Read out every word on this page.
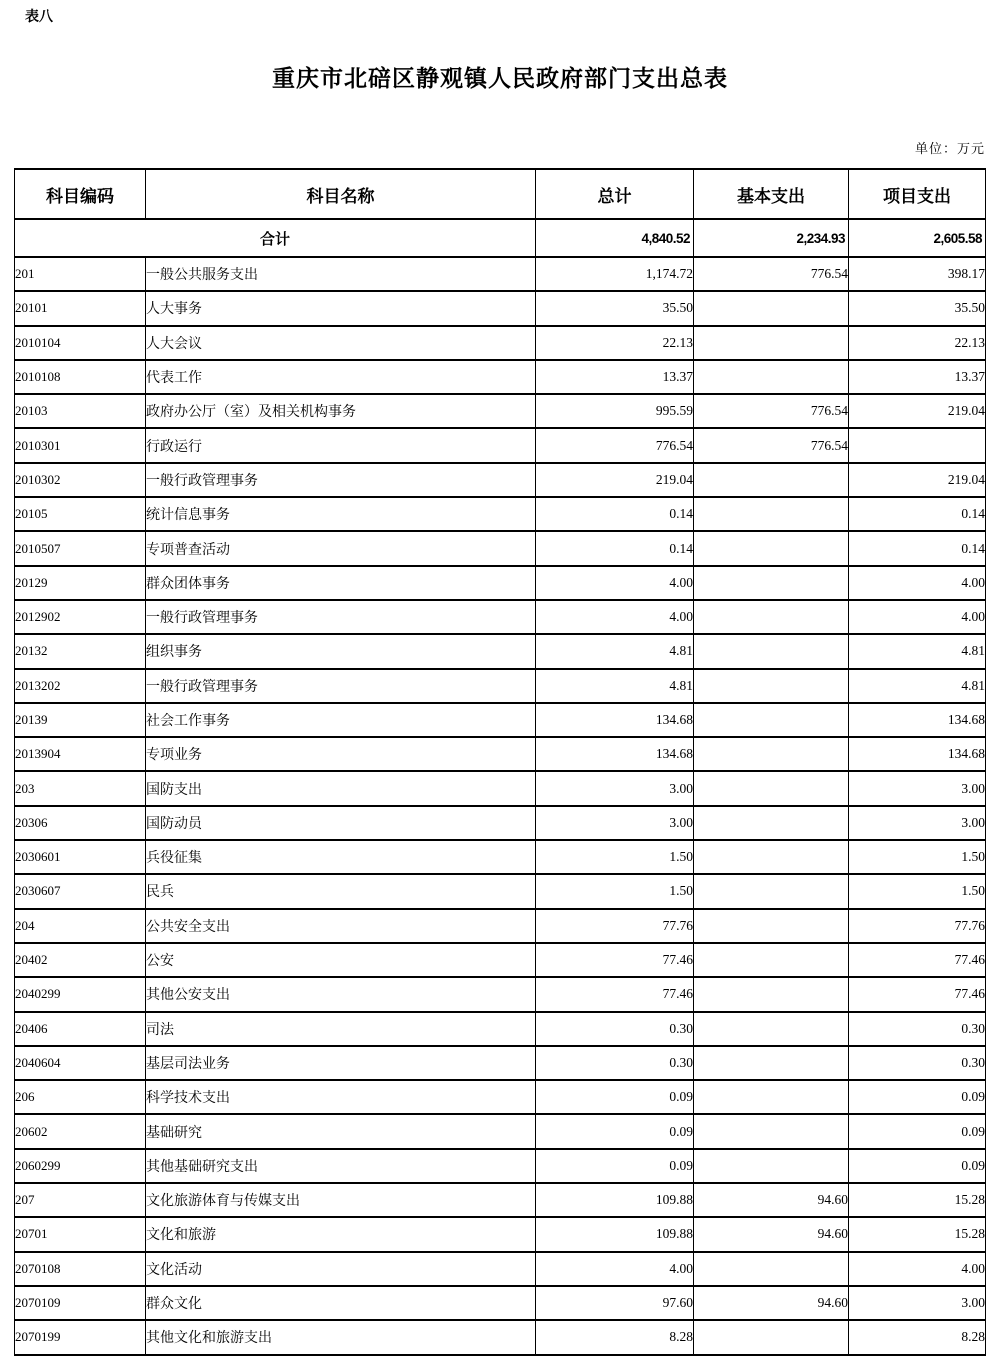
表八
重庆市北碚区静观镇人民政府部门支出总表
单位：万元
科目编码	科目名称	总计	基本支出	项目支出
合计		4,840.52	2,234.93	2,605.58
201	一般公共服务支出	1,174.72	776.54	398.17
20101	人大事务	35.50		35.50
2010104	人大会议	22.13		22.13
2010108	代表工作	13.37		13.37
20103	政府办公厅（室）及相关机构事务	995.59	776.54	219.04
2010301	行政运行	776.54	776.54	
2010302	一般行政管理事务	219.04		219.04
20105	统计信息事务	0.14		0.14
2010507	专项普查活动	0.14		0.14
20129	群众团体事务	4.00		4.00
2012902	一般行政管理事务	4.00		4.00
20132	组织事务	4.81		4.81
2013202	一般行政管理事务	4.81		4.81
20139	社会工作事务	134.68		134.68
2013904	专项业务	134.68		134.68
203	国防支出	3.00		3.00
20306	国防动员	3.00		3.00
2030601	兵役征集	1.50		1.50
2030607	民兵	1.50		1.50
204	公共安全支出	77.76		77.76
20402	公安	77.46		77.46
2040299	其他公安支出	77.46		77.46
20406	司法	0.30		0.30
2040604	基层司法业务	0.30		0.30
206	科学技术支出	0.09		0.09
20602	基础研究	0.09		0.09
2060299	其他基础研究支出	0.09		0.09
207	文化旅游体育与传媒支出	109.88	94.60	15.28
20701	文化和旅游	109.88	94.60	15.28
2070108	文化活动	4.00		4.00
2070109	群众文化	97.60	94.60	3.00
2070199	其他文化和旅游支出	8.28		8.28
